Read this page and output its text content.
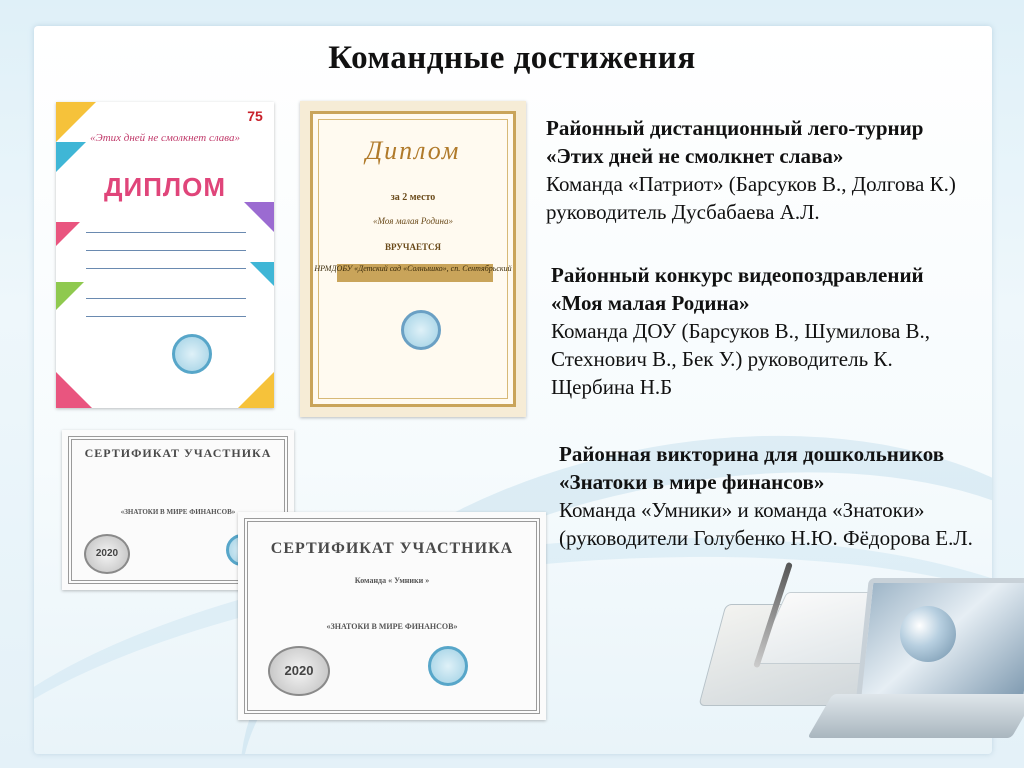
Командные достижения
75
«Этих дней не смолкнет слава»
ДИПЛОМ
Диплом
за 2 место
«Моя малая Родина»
ВРУЧАЕТСЯ
НРМДОБУ «Детский сад «Солнышко», сп. Сентябрьский
СЕРТИФИКАТ УЧАСТНИКА
«ЗНАТОКИ В МИРЕ ФИНАНСОВ»
2020	СЕРТИФИКАТ УЧАСТНИКА
Команда « Умники »
«ЗНАТОКИ В МИРЕ ФИНАНСОВ»
2020
Районный дистанционный лего-турнир
«Этих дней не смолкнет слава»
Команда «Патриот» (Барсуков В., Долгова К.) руководитель Дусбабаева А.Л.
Районный конкурс видеопоздравлений
«Моя малая Родина»
Команда ДОУ (Барсуков В., Шумилова В., Стехнович В., Бек У.) руководитель К. Щербина Н.Б
Районная викторина для дошкольников
«Знатоки в мире финансов»
Команда «Умники» и команда «Знатоки» (руководители Голубенко Н.Ю. Фёдорова Е.Л.
